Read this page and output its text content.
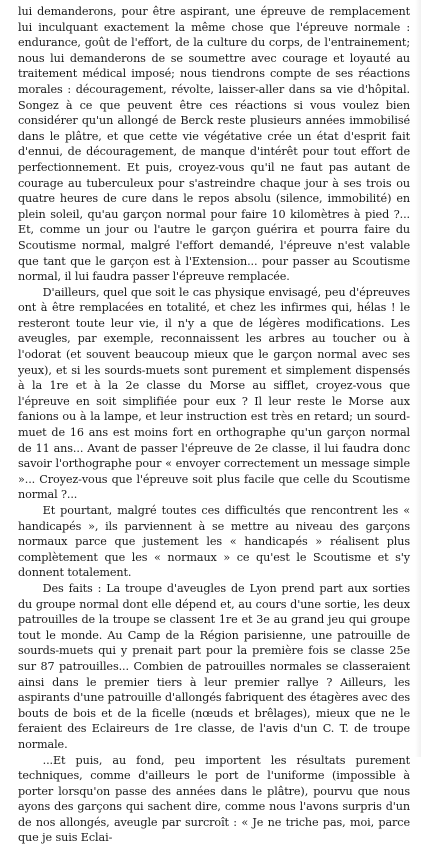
lui demanderons, pour être aspirant, une épreuve de remplacement lui inculquant exactement la même chose que l'épreuve normale : endurance, goût de l'effort, de la culture du corps, de l'entrainement; nous lui demanderons de se soumettre avec courage et loyauté au traitement médical imposé; nous tiendrons compte de ses réactions morales : découragement, révolte, laisser-aller dans sa vie d'hôpital. Songez à ce que peuvent être ces réactions si vous voulez bien considérer qu'un allongé de Berck reste plusieurs années immobilisé dans le plâtre, et que cette vie végétative crée un état d'esprit fait d'ennui, de découragement, de manque d'intérêt pour tout effort de perfectionnement. Et puis, croyez-vous qu'il ne faut pas autant de courage au tuberculeux pour s'astreindre chaque jour à ses trois ou quatre heures de cure dans le repos absolu (silence, immobilité) en plein soleil, qu'au garçon normal pour faire 10 kilomètres à pied ?... Et, comme un jour ou l'autre le garçon guérira et pourra faire du Scoutisme normal, malgré l'effort demandé, l'épreuve n'est valable que tant que le garçon est à l'Extension... pour passer au Scoutisme normal, il lui faudra passer l'épreuve remplacée.

D'ailleurs, quel que soit le cas physique envisagé, peu d'épreuves ont à être remplacées en totalité, et chez les infirmes qui, hélas ! le resteront toute leur vie, il n'y a que de légères modifications. Les aveugles, par exemple, reconnaissent les arbres au toucher ou à l'odorat (et souvent beaucoup mieux que le garçon normal avec ses yeux), et si les sourds-muets sont purement et simplement dispensés à la 1re et à la 2e classe du Morse au sifflet, croyez-vous que l'épreuve en soit simplifiée pour eux ? Il leur reste le Morse aux fanions ou à la lampe, et leur instruction est très en retard; un sourd-muet de 16 ans est moins fort en orthographe qu'un garçon normal de 11 ans... Avant de passer l'épreuve de 2e classe, il lui faudra donc savoir l'orthographe pour « envoyer correctement un message simple »... Croyez-vous que l'épreuve soit plus facile que celle du Scoutisme normal ?...

Et pourtant, malgré toutes ces difficultés que rencontrent les « handicapés », ils parviennent à se mettre au niveau des garçons normaux parce que justement les « handicapés » réalisent plus complètement que les « normaux » ce qu'est le Scoutisme et s'y donnent totalement.

Des faits : La troupe d'aveugles de Lyon prend part aux sorties du groupe normal dont elle dépend et, au cours d'une sortie, les deux patrouilles de la troupe se classent 1re et 3e au grand jeu qui groupe tout le monde. Au Camp de la Région parisienne, une patrouille de sourds-muets qui y prenait part pour la première fois se classe 25e sur 87 patrouilles... Combien de patrouilles normales se classeraient ainsi dans le premier tiers à leur premier rallye ? Ailleurs, les aspirants d'une patrouille d'allongés fabriquent des étagères avec des bouts de bois et de la ficelle (nœuds et brêlages), mieux que ne le feraient des Eclaireurs de 1re classe, de l'avis d'un C. T. de troupe normale.

...Et puis, au fond, peu importent les résultats purement techniques, comme d'ailleurs le port de l'uniforme (impossible à porter lorsqu'on passe des années dans le plâtre), pourvu que nous ayons des garçons qui sachent dire, comme nous l'avons surpris d'un de nos allongés, aveugle par surcroît : « Je ne triche pas, moi, parce que je suis Eclai-
